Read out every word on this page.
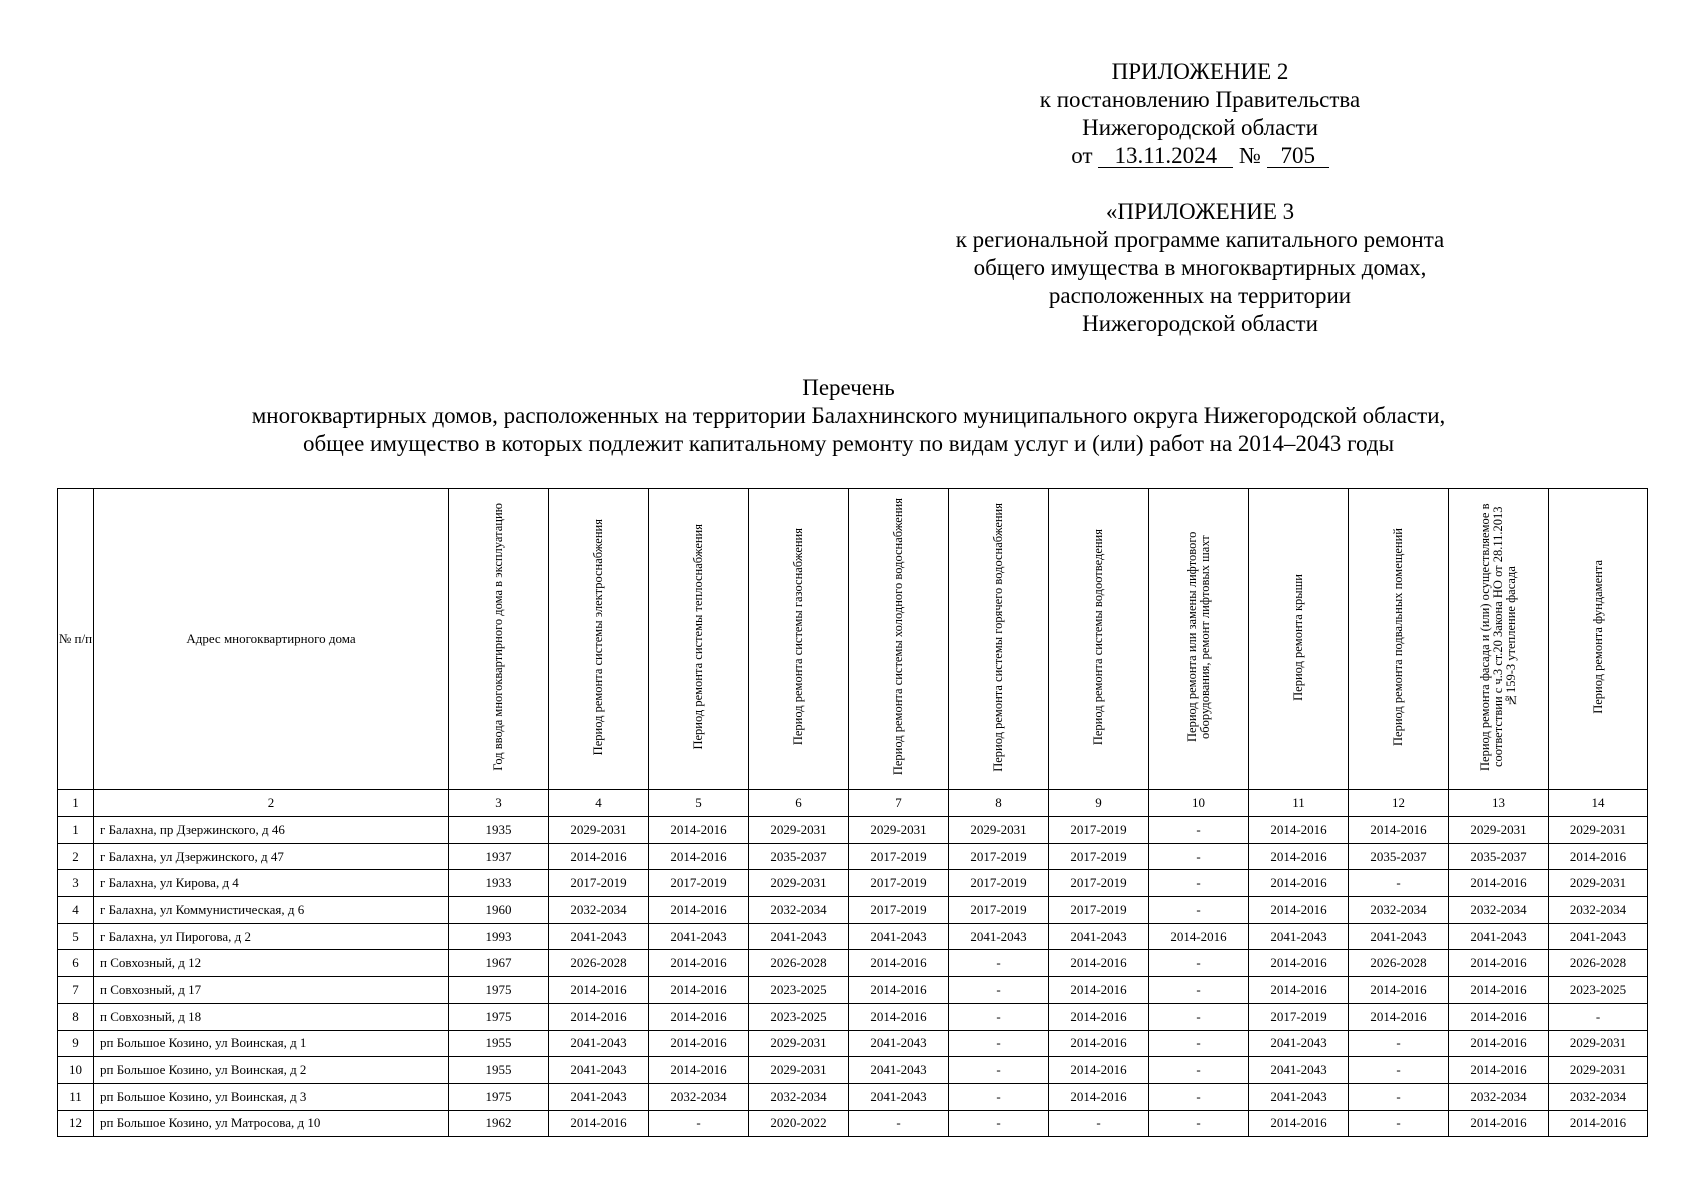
ПРИЛОЖЕНИЕ 2
к постановлению Правительства
Нижегородской области
от 13.11.2024 № 705
«ПРИЛОЖЕНИЕ 3
к региональной программе капитального ремонта
общего имущества в многоквартирных домах,
расположенных на территории
Нижегородской области
Перечень
многоквартирных домов, расположенных на территории Балахнинского муниципального округа Нижегородской области,
общее имущество в которых подлежит капитальному ремонту по видам услуг и (или) работ на 2014–2043 годы
№ п/п	Адрес многоквартирного дома	Год ввода многоквартирного дома в эксплуатацию	Период ремонта системы электроснабжения	Период ремонта системы теплоснабжения	Период ремонта системы газоснабжения	Период ремонта системы холодного водоснабжения	Период ремонта системы горячего водоснабжения	Период ремонта системы водоотведения	Период ремонта или замены лифтового оборудования, ремонт лифтовых шахт	Период ремонта крыши	Период ремонта подвальных помещений	Период ремонта фасада и (или) осуществляемое в соответствии с ч.3 ст.20 Закона НО от 28.11.2013 №159-З утепление фасада	Период ремонта фундамента
1	2	3	4	5	6	7	8	9	10	11	12	13	14
1	г Балахна, пр Дзержинского, д 46	1935	2029-2031	2014-2016	2029-2031	2029-2031	2029-2031	2017-2019	-	2014-2016	2014-2016	2029-2031	2029-2031
2	г Балахна, ул Дзержинского, д 47	1937	2014-2016	2014-2016	2035-2037	2017-2019	2017-2019	2017-2019	-	2014-2016	2035-2037	2035-2037	2014-2016
3	г Балахна, ул Кирова, д 4	1933	2017-2019	2017-2019	2029-2031	2017-2019	2017-2019	2017-2019	-	2014-2016	-	2014-2016	2029-2031
4	г Балахна, ул Коммунистическая, д 6	1960	2032-2034	2014-2016	2032-2034	2017-2019	2017-2019	2017-2019	-	2014-2016	2032-2034	2032-2034	2032-2034
5	г Балахна, ул Пирогова, д 2	1993	2041-2043	2041-2043	2041-2043	2041-2043	2041-2043	2041-2043	2014-2016	2041-2043	2041-2043	2041-2043	2041-2043
6	п Совхозный, д 12	1967	2026-2028	2014-2016	2026-2028	2014-2016	-	2014-2016	-	2014-2016	2026-2028	2014-2016	2026-2028
7	п Совхозный, д 17	1975	2014-2016	2014-2016	2023-2025	2014-2016	-	2014-2016	-	2014-2016	2014-2016	2014-2016	2023-2025
8	п Совхозный, д 18	1975	2014-2016	2014-2016	2023-2025	2014-2016	-	2014-2016	-	2017-2019	2014-2016	2014-2016	-
9	рп Большое Козино, ул Воинская, д 1	1955	2041-2043	2014-2016	2029-2031	2041-2043	-	2014-2016	-	2041-2043	-	2014-2016	2029-2031
10	рп Большое Козино, ул Воинская, д 2	1955	2041-2043	2014-2016	2029-2031	2041-2043	-	2014-2016	-	2041-2043	-	2014-2016	2029-2031
11	рп Большое Козино, ул Воинская, д 3	1975	2041-2043	2032-2034	2032-2034	2041-2043	-	2014-2016	-	2041-2043	-	2032-2034	2032-2034
12	рп Большое Козино, ул Матросова, д 10	1962	2014-2016	-	2020-2022	-	-	-	-	2014-2016	-	2014-2016	2014-2016
